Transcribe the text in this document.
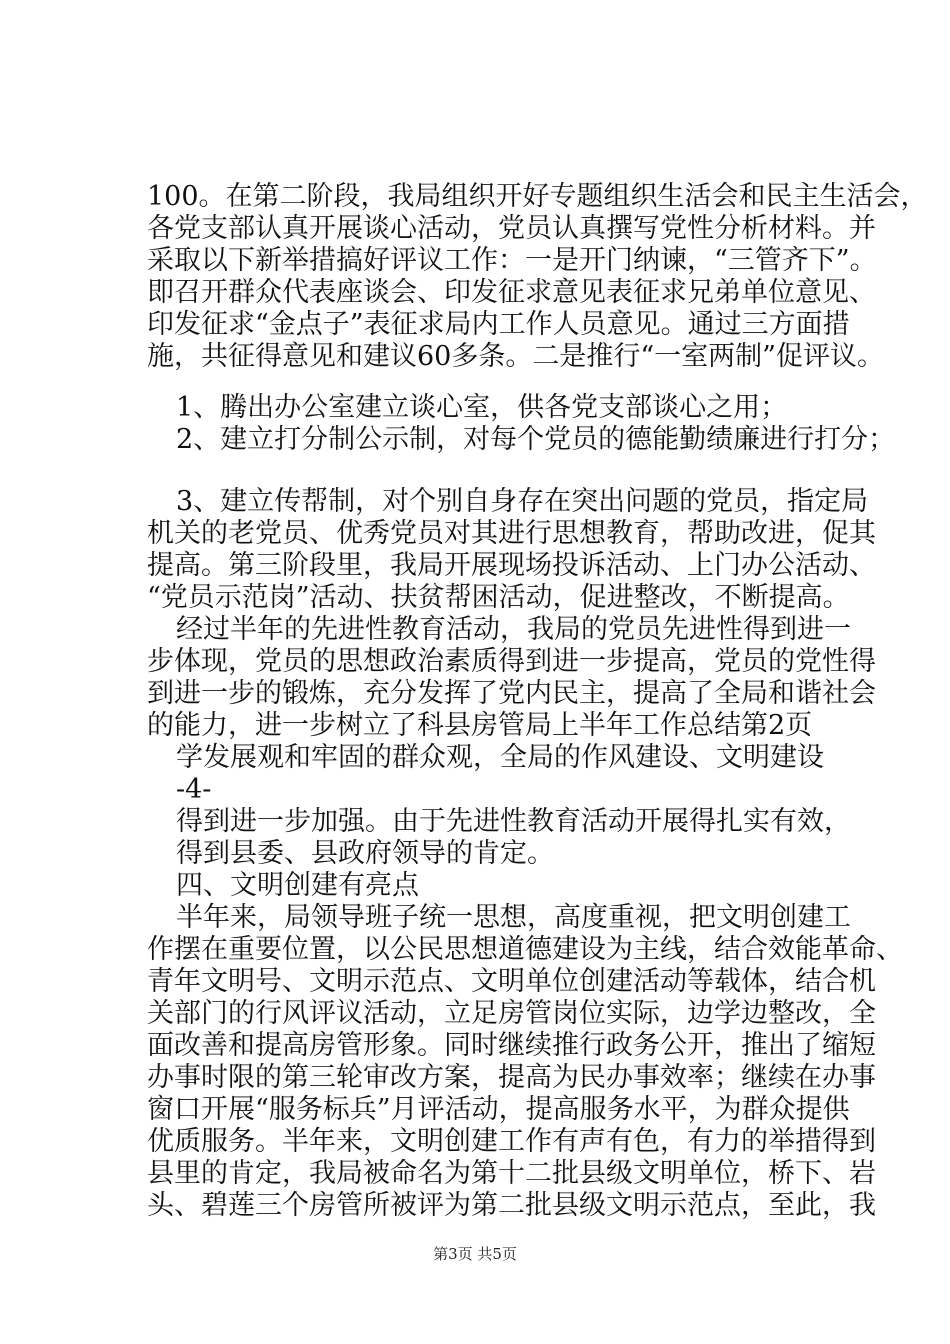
100。在第二阶段，我局组织开好专题组织生活会和民主生活会，
各党支部认真开展谈心活动，党员认真撰写党性分析材料。并
采取以下新举措搞好评议工作：一是开门纳谏，“三管齐下”。
即召开群众代表座谈会、印发征求意见表征求兄弟单位意见、
印发征求“金点子”表征求局内工作人员意见。通过三方面措
施，共征得意见和建议60多条。二是推行“一室两制”促评议。
1、腾出办公室建立谈心室，供各党支部谈心之用；
2、建立打分制公示制，对每个党员的德能勤绩廉进行打分；
3、建立传帮制，对个别自身存在突出问题的党员，指定局
机关的老党员、优秀党员对其进行思想教育，帮助改进，促其
提高。第三阶段里，我局开展现场投诉活动、上门办公活动、
“党员示范岗”活动、扶贫帮困活动，促进整改，不断提高。
经过半年的先进性教育活动，我局的党员先进性得到进一
步体现，党员的思想政治素质得到进一步提高，党员的党性得
到进一步的锻炼，充分发挥了党内民主，提高了全局和谐社会
的能力，进一步树立了科县房管局上半年工作总结第2页
学发展观和牢固的群众观，全局的作风建设、文明建设
-4-
得到进一步加强。由于先进性教育活动开展得扎实有效，
得到县委、县政府领导的肯定。
四、文明创建有亮点
半年来，局领导班子统一思想，高度重视，把文明创建工
作摆在重要位置，以公民思想道德建设为主线，结合效能革命、
青年文明号、文明示范点、文明单位创建活动等载体，结合机
关部门的行风评议活动，立足房管岗位实际，边学边整改，全
面改善和提高房管形象。同时继续推行政务公开，推出了缩短
办事时限的第三轮审改方案，提高为民办事效率；继续在办事
窗口开展“服务标兵”月评活动，提高服务水平，为群众提供
优质服务。半年来，文明创建工作有声有色，有力的举措得到
县里的肯定，我局被命名为第十二批县级文明单位，桥下、岩
头、碧莲三个房管所被评为第二批县级文明示范点，至此，我
第3页 共5页
